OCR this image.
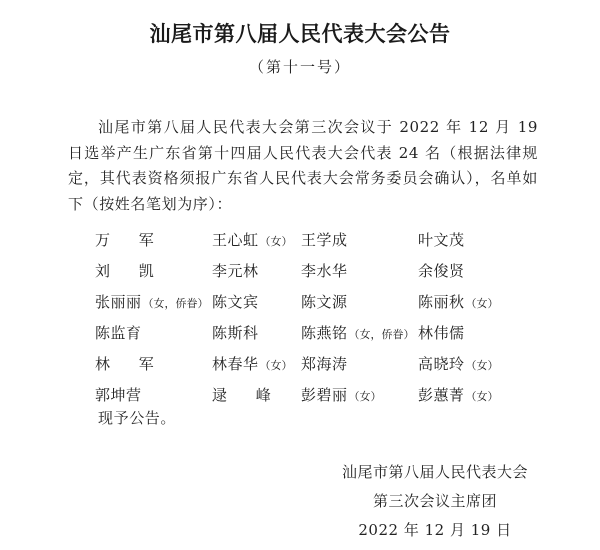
汕尾市第八届人民代表大会公告
（第十一号）
汕尾市第八届人民代表大会第三次会议于 2022 年 12 月 19 日选举产生广东省第十四届人民代表大会代表 24 名（根据法律规定，其代表资格须报广东省人民代表大会常务委员会确认），名单如下（按姓名笔划为序）：
万 军	王心虹（女） 王学成	叶文茂
刘 凯	李元林	李水华	余俊贤
张丽丽（女，侨眷） 陈文宾	陈文源	陈丽秋（女）
陈监育	陈斯科	陈燕铭（女，侨眷） 林伟儒
林 军	林春华（女） 郑海涛	高晓玲（女）
郭坤营	逯 峰 彭碧丽（女） 彭蕙菁（女）
现予公告。
汕尾市第八届人民代表大会
第三次会议主席团
2022 年 12 月 19 日
